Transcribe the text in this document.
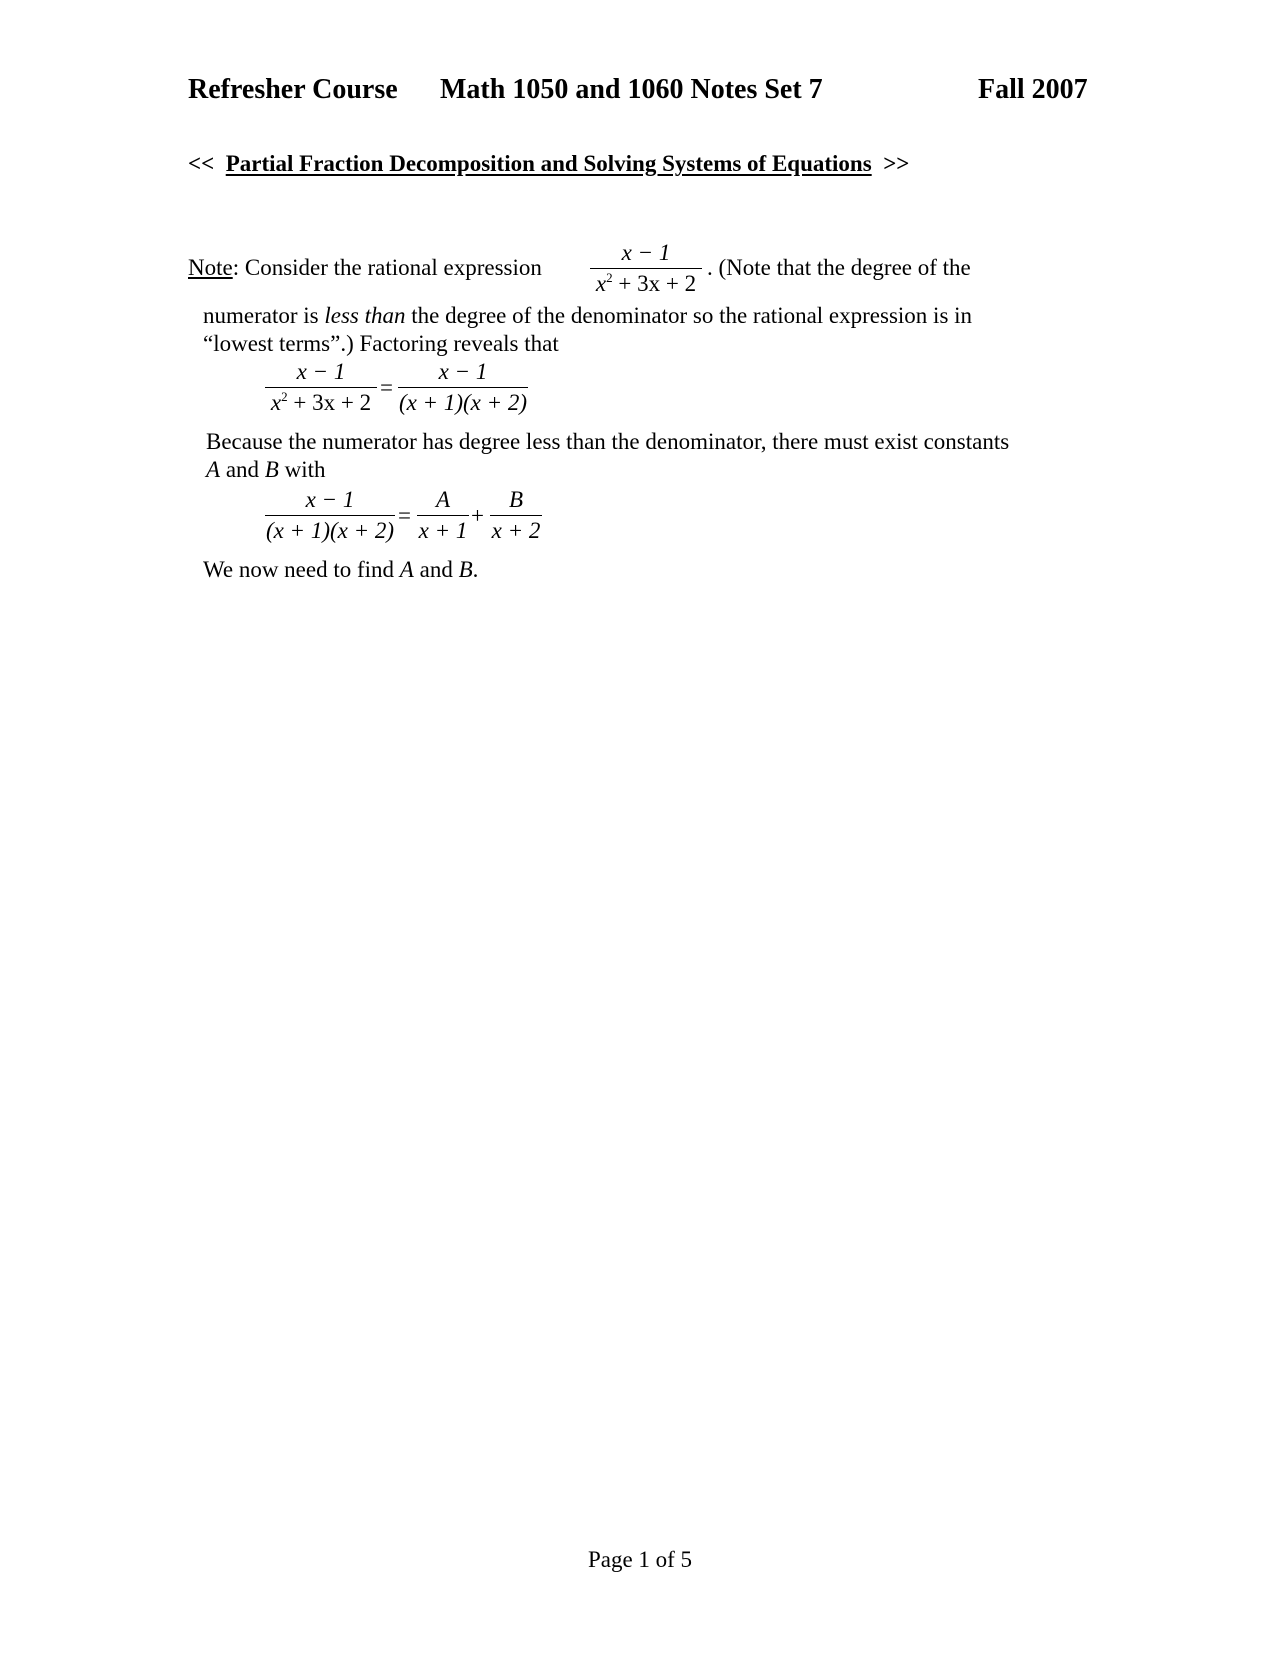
Refresher Course Math 1050 and 1060 Notes Set 7	Fall 2007
<< Partial Fraction Decomposition and Solving Systems of Equations >>
Note: Consider the rational expression $\frac{x - 1}{x^2 + 3x + 2}$ . (Note that the degree of the
numerator is less than the degree of the denominator so the rational expression is in
“lowest terms”.) Factoring reveals that
$\frac{x - 1}{x^2 + 3x + 2} = \frac{x - 1}{(x + 1)(x + 2)}$
Because the numerator has degree less than the denominator, there must exist constants
A and B with
$\frac{x - 1}{(x + 1)(x + 2)} = \frac{A}{x + 1} + \frac{B}{x + 2}$
We now need to find A and B.
Page 1 of 5
